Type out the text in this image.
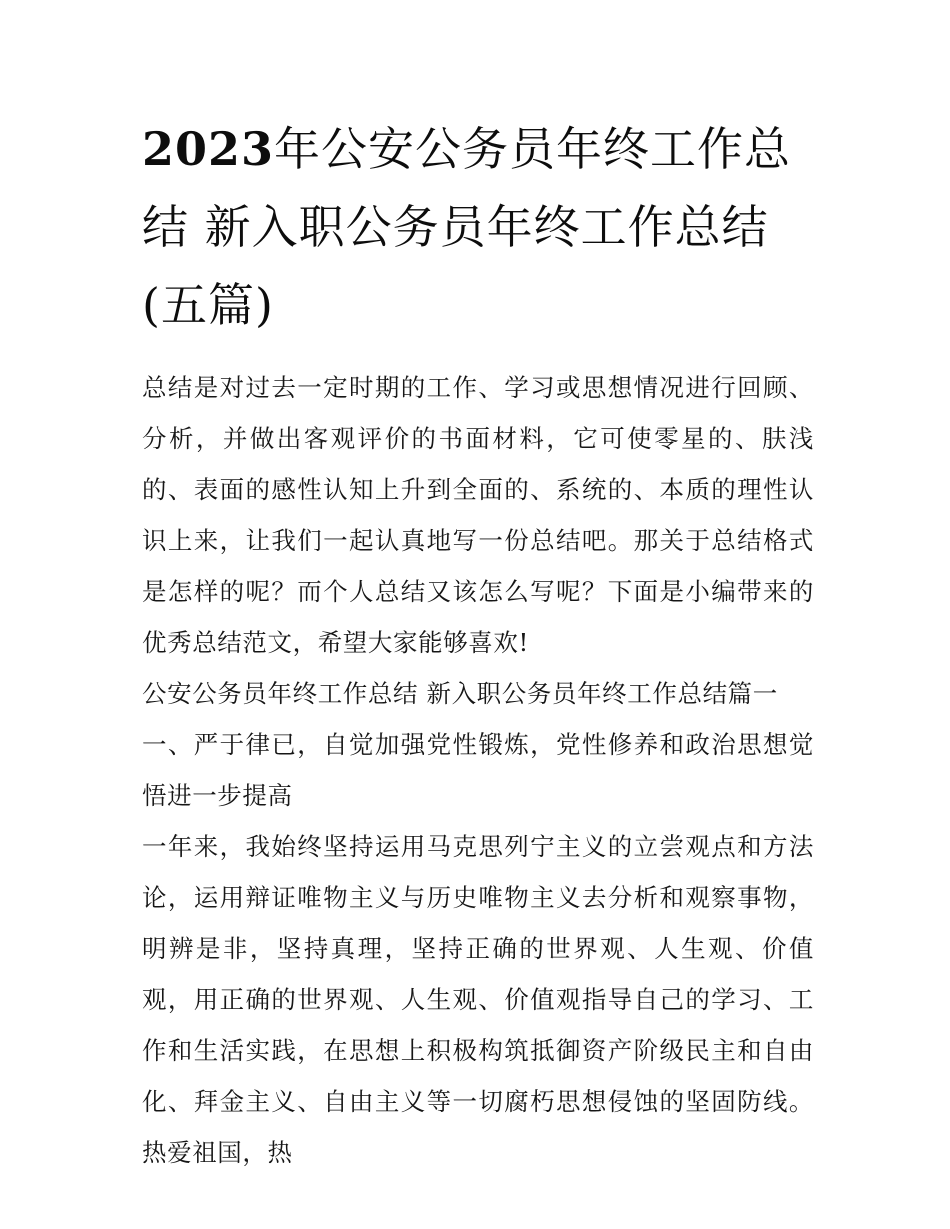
2023年公安公务员年终工作总结 新入职公务员年终工作总结(五篇)

总结是对过去一定时期的工作、学习或思想情况进行回顾、分析，并做出客观评价的书面材料，它可使零星的、肤浅的、表面的感性认知上升到全面的、系统的、本质的理性认识上来，让我们一起认真地写一份总结吧。那关于总结格式是怎样的呢？而个人总结又该怎么写呢？下面是小编带来的优秀总结范文，希望大家能够喜欢!

公安公务员年终工作总结 新入职公务员年终工作总结篇一

一、严于律已，自觉加强党性锻炼，党性修养和政治思想觉悟进一步提高

一年来，我始终坚持运用马克思列宁主义的立尝观点和方法论，运用辩证唯物主义与历史唯物主义去分析和观察事物，明辨是非，坚持真理，坚持正确的世界观、人生观、价值观，用正确的世界观、人生观、价值观指导自己的学习、工作和生活实践，在思想上积极构筑抵御资产阶级民主和自由化、拜金主义、自由主义等一切腐朽思想侵蚀的坚固防线。热爱祖国，热
